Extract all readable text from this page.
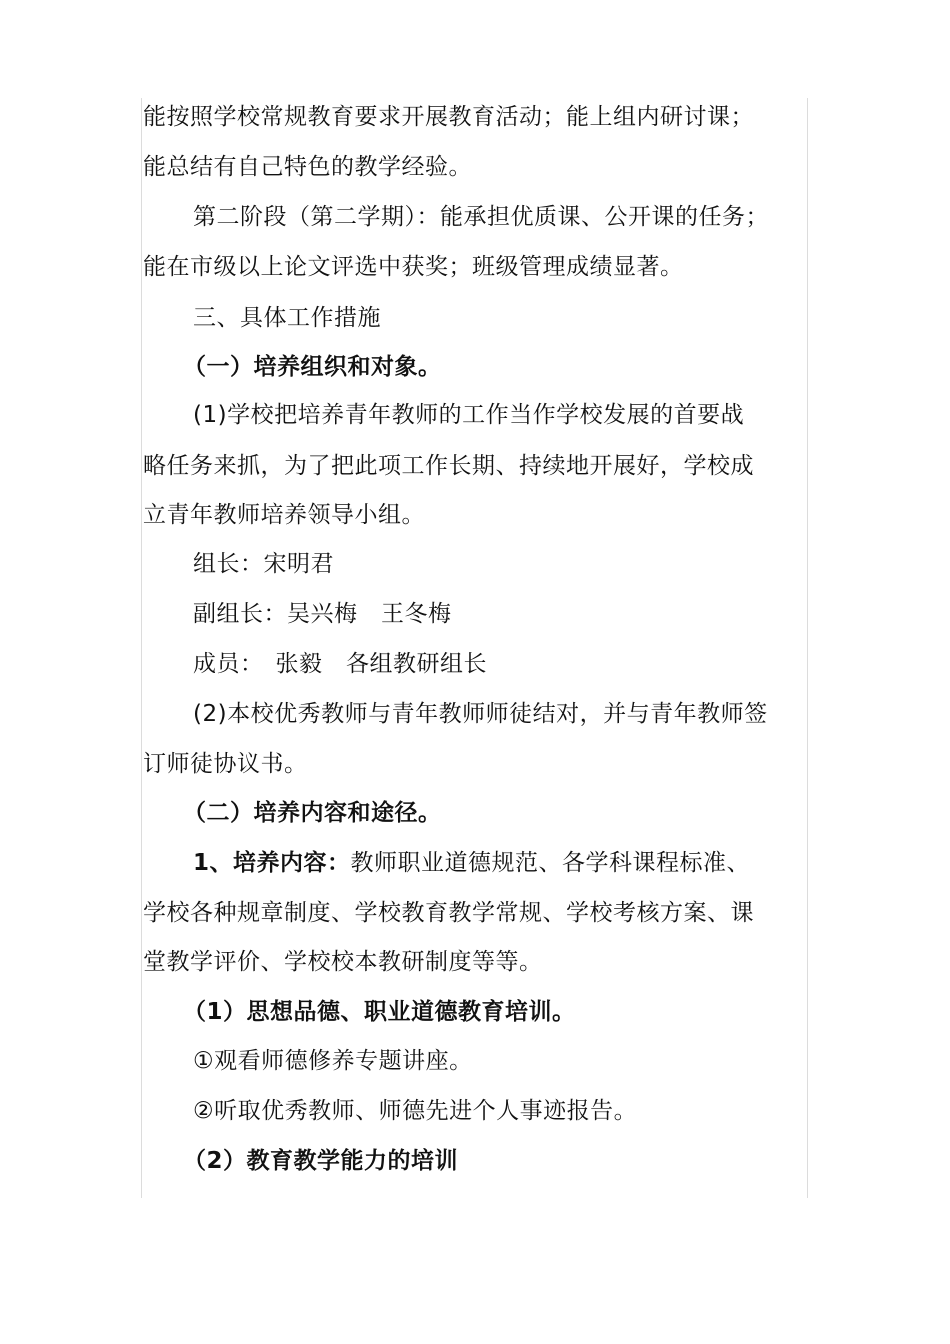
能按照学校常规教育要求开展教育活动；能上组内研讨课；
能总结有自己特色的教学经验。
第二阶段（第二学期）：能承担优质课、公开课的任务；
能在市级以上论文评选中获奖；班级管理成绩显著。
三、具体工作措施
（一）培养组织和对象。
(1)学校把培养青年教师的工作当作学校发展的首要战
略任务来抓，为了把此项工作长期、持续地开展好，学校成
立青年教师培养领导小组。
组长：宋明君
副组长：吴兴梅　王冬梅
成员：　张毅　各组教研组长
(2)本校优秀教师与青年教师师徒结对，并与青年教师签
订师徒协议书。
（二）培养内容和途径。
1、培养内容：教师职业道德规范、各学科课程标准、
学校各种规章制度、学校教育教学常规、学校考核方案、课
堂教学评价、学校校本教研制度等等。
（1）思想品德、职业道德教育培训。
①观看师德修养专题讲座。
②听取优秀教师、师德先进个人事迹报告。
（2）教育教学能力的培训
